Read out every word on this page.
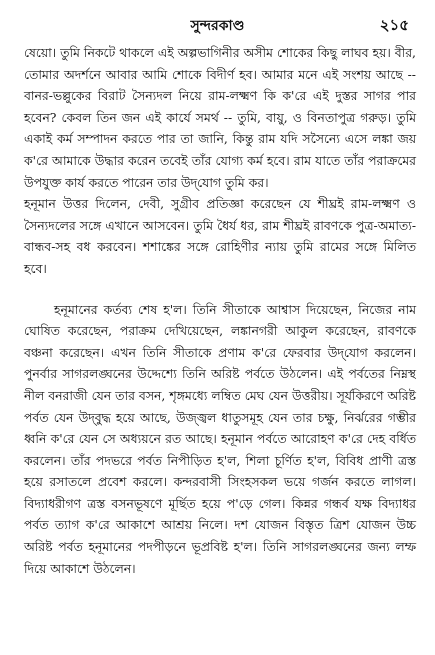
সুন্দরকাণ্ড	২১৫

ষেয়ো। তুমি নিকটে থাকলে এই অল্পভাগিনীর অসীম শোকের কিছু লাঘব হয়। বীর, তোমার অদর্শনে আবার আমি শোকে বিদীর্ণ হব। আমার মনে এই সংশয় আছে -- বানর-ভল্লুকের বিরাট সৈন্যদল নিয়ে রাম-লক্ষ্মণ কি ক'রে এই দুস্তর সাগর পার হবেন? কেবল তিন জন এই কার্যে সমর্থ -- তুমি, বায়ু, ও বিনতাপুত্র গরুড়। তুমি একাই কর্ম সম্পাদন করতে পার তা জানি, কিন্তু রাম যদি সসৈন্যে এসে লঙ্কা জয় ক'রে আমাকে উদ্ধার করেন তবেই তাঁর যোগ্য কর্ম হবে। রাম যাতে তাঁর পরাক্রমের উপযুক্ত কার্য করতে পারেন তার উদ্‌যোগ তুমি কর।

হনূমান উত্তর দিলেন, দেবী, সুগ্রীব প্রতিজ্ঞা করেছেন যে শীঘ্রই রাম-লক্ষ্মণ ও সৈন্যদলের সঙ্গে এখানে আসবেন। তুমি ধৈর্য ধর, রাম শীঘ্রই রাবণকে পুত্র-অমাত্য-বান্ধব-সহ বধ করবেন। শশাঙ্কের সঙ্গে রোহিণীর ন্যায় তুমি রামের সঙ্গে মিলিত হবে।

হনূমানের কর্তব্য শেষ হ'ল। তিনি সীতাকে আশ্বাস দিয়েছেন, নিজের নাম ঘোষিত করেছেন, পরাক্রম দেখিয়েছেন, লঙ্কানগরী আকুল করেছেন, রাবণকে বঞ্চনা করেছেন। এখন তিনি সীতাকে প্রণাম ক'রে ফেরবার উদ্‌যোগ করলেন। পুনর্বার সাগরলঙ্ঘনের উদ্দেশ্যে তিনি অরিষ্ট পর্বতে উঠলেন। এই পর্বতের নিম্নস্থ নীল বনরাজী যেন তার বসন, শৃঙ্গমধ্যে লম্বিত মেঘ যেন উত্তরীয়। সূর্যকিরণে অরিষ্ট পর্বত যেন উদ্‌বুদ্ধ হয়ে আছে, উজ্জ্বল ধাতুসমূহ যেন তার চক্ষু, নির্ঝরের গম্ভীর ধ্বনি ক'রে যেন সে অধ্যয়নে রত আছে। হনূমান পর্বতে আরোহণ ক'রে দেহ বর্ধিত করলেন। তাঁর পদভরে পর্বত নিপীড়িত হ'ল, শিলা চূর্ণিত হ'ল, বিবিধ প্রাণী ত্রস্ত হয়ে রসাতলে প্রবেশ করলে। কন্দরবাসী সিংহসকল ভয়ে গর্জন করতে লাগল। বিদ্যাধরীগণ ত্রস্ত বসনভূষণে মূর্ছিত হয়ে প'ড়ে গেল। কিন্নর গন্ধর্ব যক্ষ বিদ্যাধর পর্বত ত্যাগ ক'রে আকাশে আশ্রয় নিলে। দশ যোজন বিস্তৃত ত্রিশ যোজন উচ্চ অরিষ্ট পর্বত হনূমানের পদপীড়নে ভূপ্রবিষ্ট হ'ল। তিনি সাগরলঙ্ঘনের জন্য লম্ফ দিয়ে আকাশে উঠলেন।
